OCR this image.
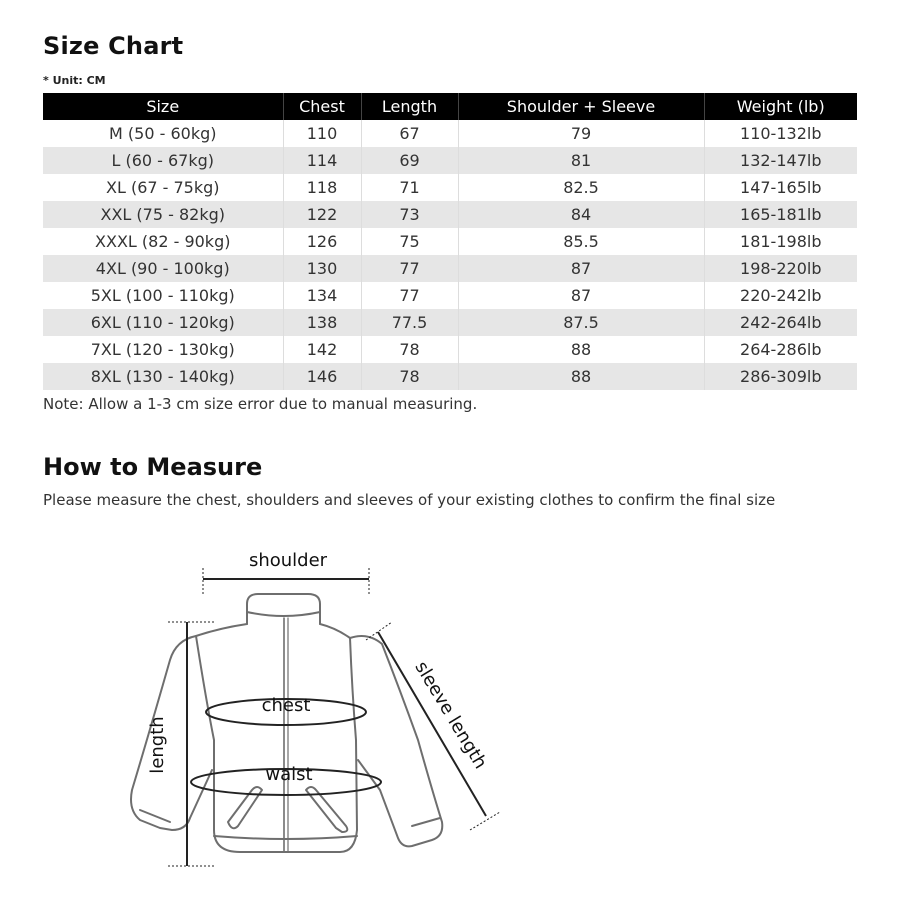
Size Chart
* Unit: CM
Size	Chest	Length	Shoulder + Sleeve	Weight (lb)
M (50 - 60kg)	110	67	79	110-132lb
L (60 - 67kg)	114	69	81	132-147lb
XL (67 - 75kg)	118	71	82.5	147-165lb
XXL (75 - 82kg)	122	73	84	165-181lb
XXXL (82 - 90kg)	126	75	85.5	181-198lb
4XL (90 - 100kg)	130	77	87	198-220lb
5XL (100 - 110kg)	134	77	87	220-242lb
6XL (110 - 120kg)	138	77.5	87.5	242-264lb
7XL (120 - 130kg)	142	78	88	264-286lb
8XL (130 - 140kg)	146	78	88	286-309lb
Note: Allow a 1-3 cm size error due to manual measuring.
How to Measure
Please measure the chest, shoulders and sleeves of your existing clothes to confirm the final size
shoulder
length
chest
waist
sleeve length
